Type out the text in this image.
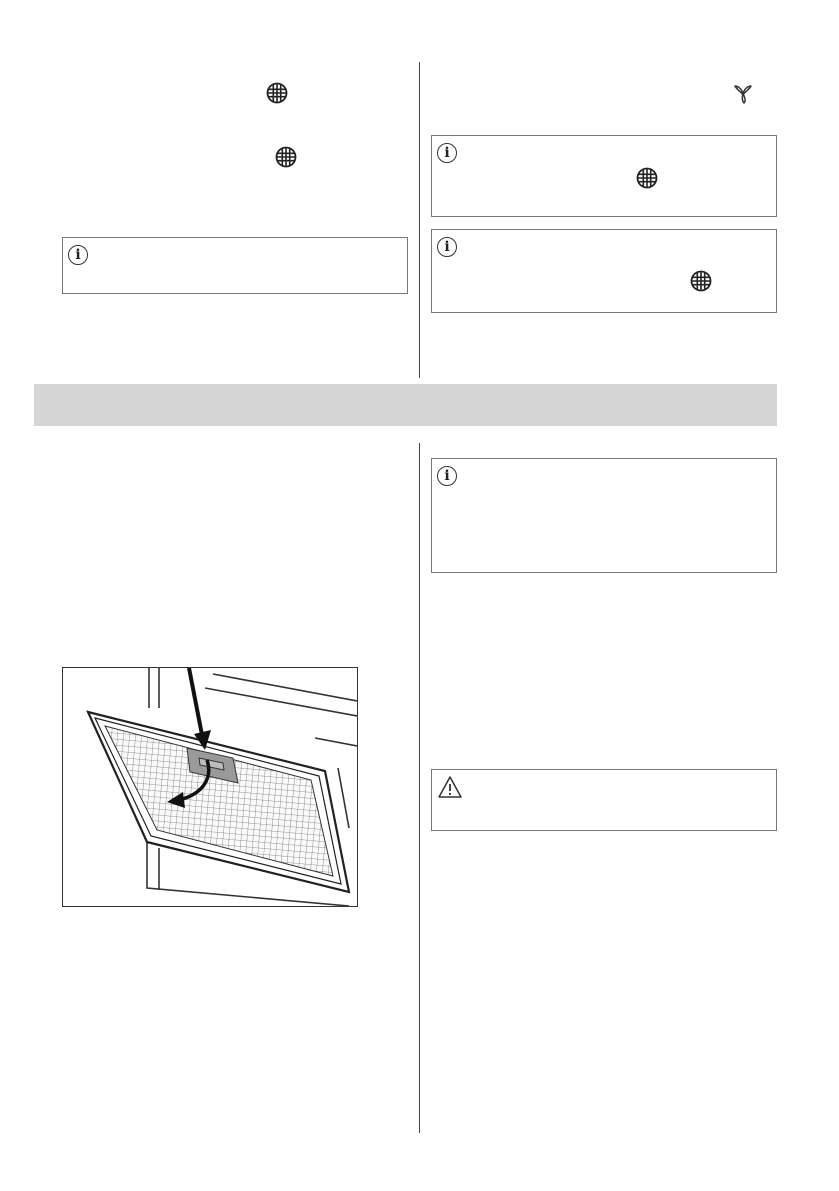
i
i
i
i
